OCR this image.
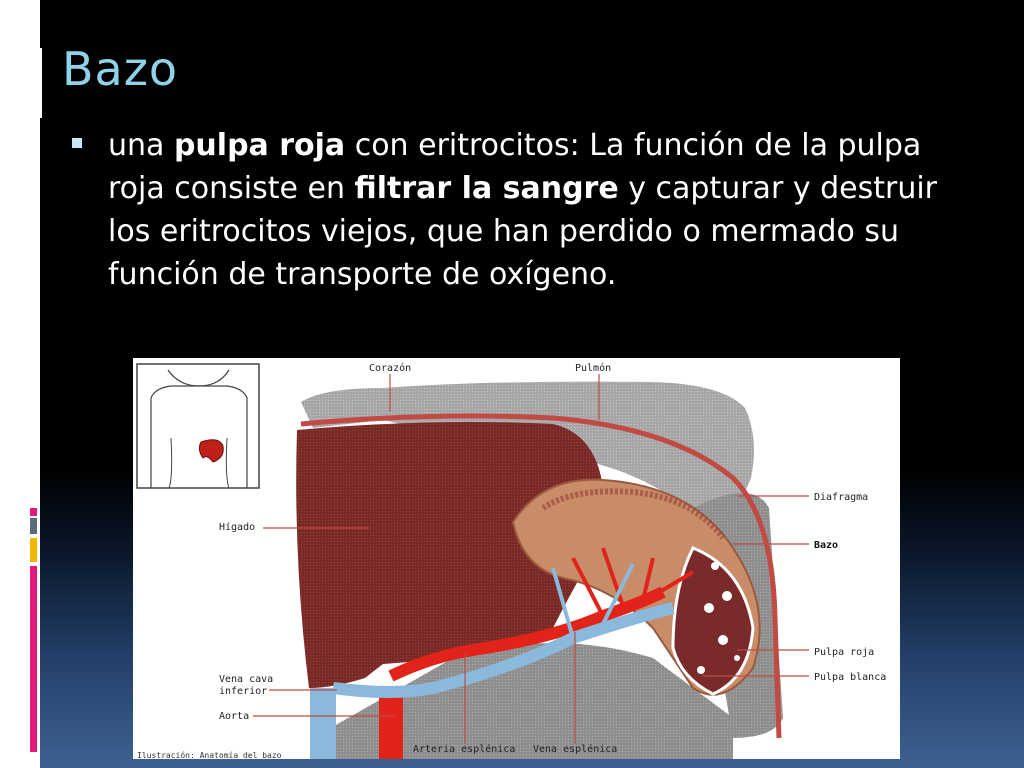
Bazo
una pulpa roja con eritrocitos: La función de la pulpa roja consiste en filtrar la sangre y capturar y destruir los eritrocitos viejos, que han perdido o mermado su función de transporte de oxígeno.
Corazón	Pulmón
Diafragma
Hígado
Bazo
Pulpa roja
Pulpa blanca
Vena cava
inferior
Aorta
Arteria esplénica Vena esplénica
Ilustración: Anatomía del bazo
